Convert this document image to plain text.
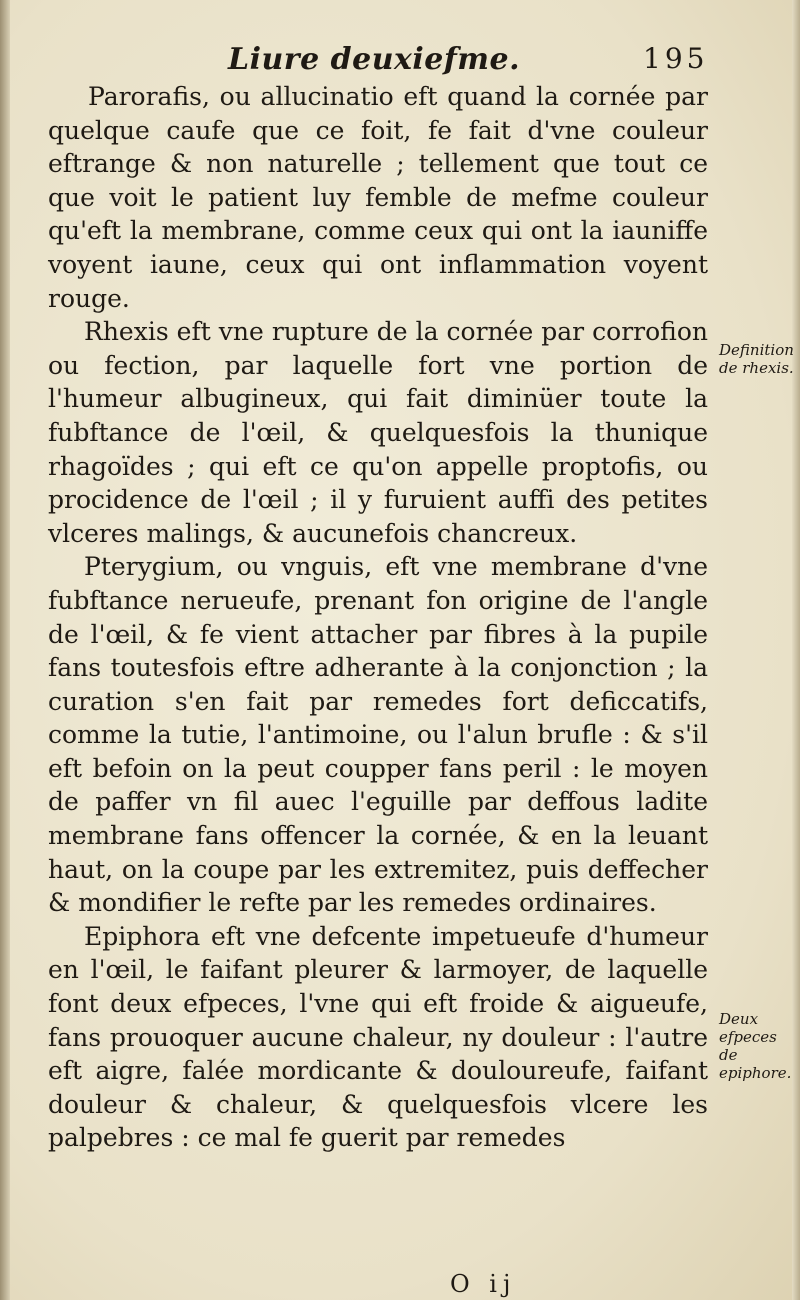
Liure deuxiefme.	195

Parorafis, ou allucinatio eft quand la cornée par quelque caufe que ce foit, fe fait d'vne couleur eftrange & non naturelle ; tellement que tout ce que voit le patient luy femble de mefme couleur qu'eft la membrane, comme ceux qui ont la iauniffe voyent iaune, ceux qui ont inflammation voyent rouge.

Rhexis eft vne rupture de la cornée par corrofion ou fection, par laquelle fort vne portion de l'humeur albugineux, qui fait diminüer toute la fubftance de l'œil, & quelquesfois la thunique rhagoïdes ; qui eft ce qu'on appelle proptofis, ou procidence de l'œil ; il y furuient auffi des petites vlceres malings, & aucunefois chancreux.

Pterygium, ou vnguis, eft vne membrane d'vne fubftance nerueufe, prenant fon origine de l'angle de l'œil, & fe vient attacher par fibres à la pupile fans toutesfois eftre adherante à la conjonction ; la curation s'en fait par remedes fort deficcatifs, comme la tutie, l'antimoine, ou l'alun brufle : & s'il eft befoin on la peut coupper fans peril : le moyen de paffer vn fil auec l'eguille par deffous ladite membrane fans offencer la cornée, & en la leuant haut, on la coupe par les extremitez, puis deffecher & mondifier le refte par les remedes ordinaires.

Epiphora eft vne defcente impetueufe d'humeur en l'œil, le faifant pleurer & larmoyer, de laquelle font deux efpeces, l'vne qui eft froide & aigueufe, fans prouoquer aucune chaleur, ny douleur : l'autre eft aigre, falée mordicante & douloureufe, faifant douleur & chaleur, & quelquesfois vlcere les palpebres : ce mal fe guerit par remedes

Definition de rhexis.
Deux efpeces de epiphore.
O ij
